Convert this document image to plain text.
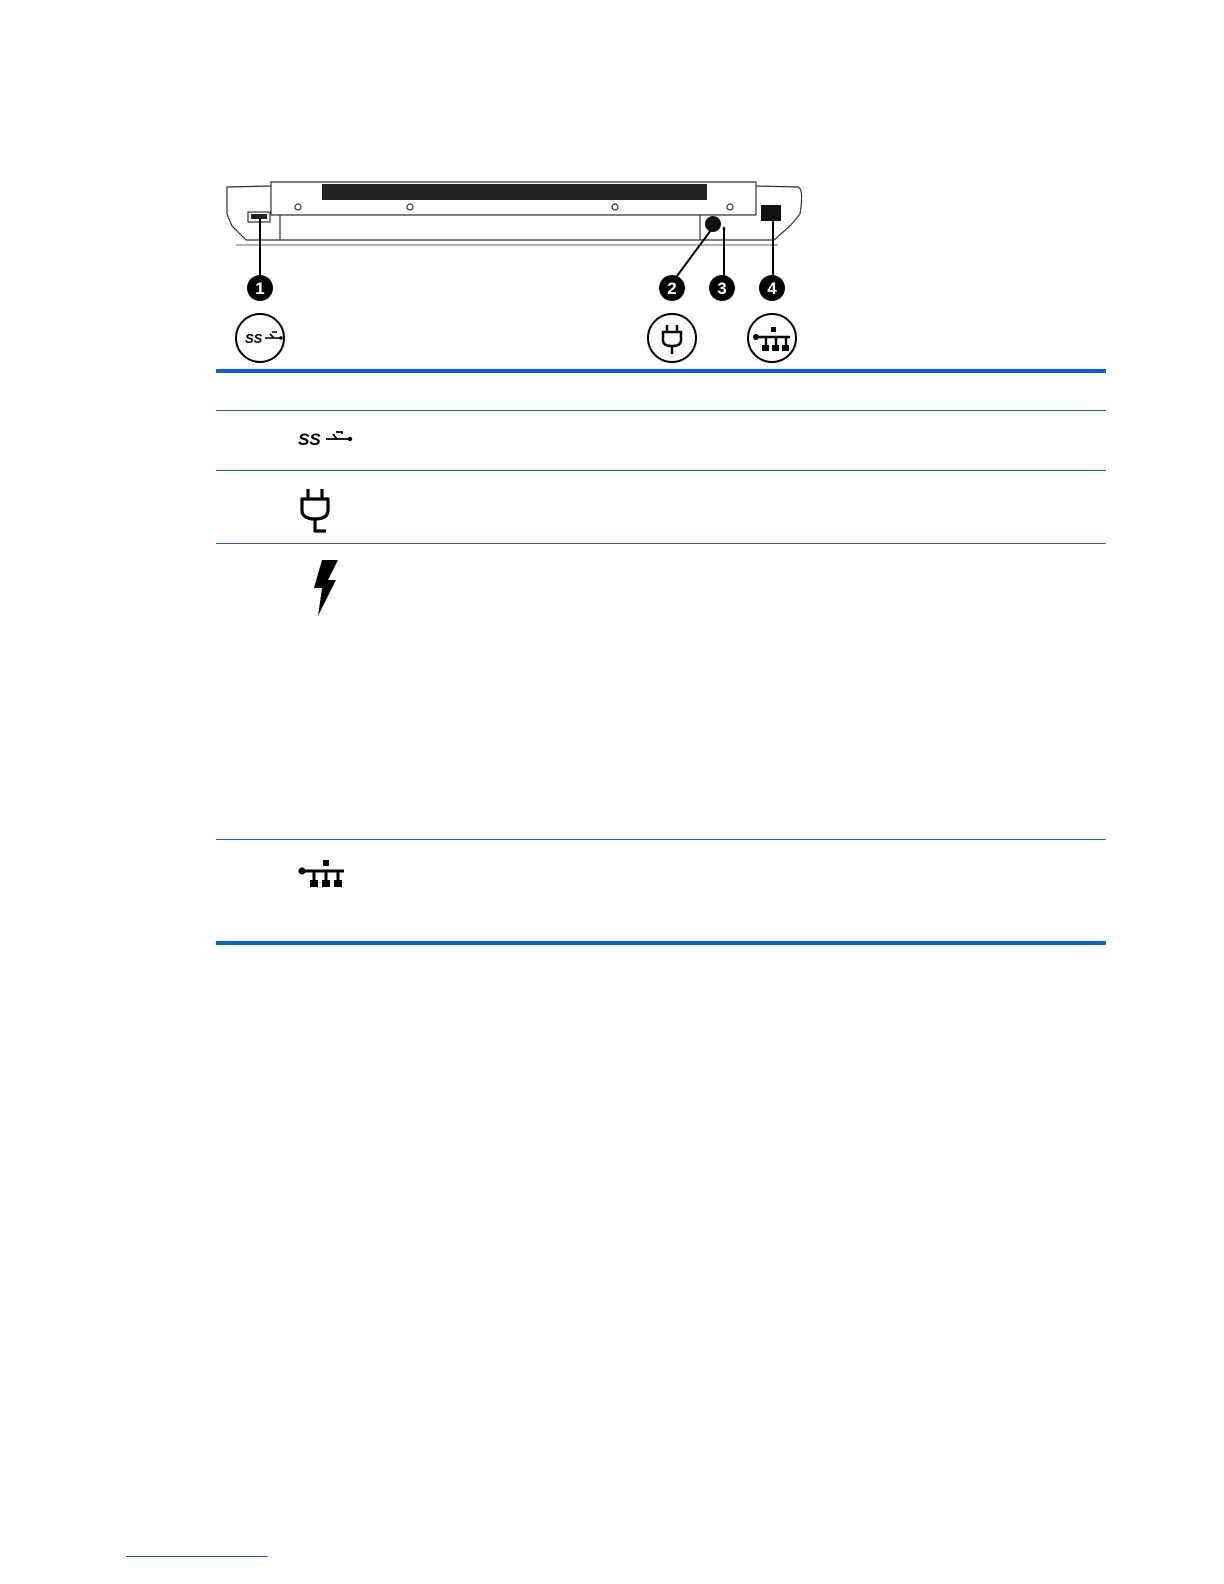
1	2 3 4
SS
SS
